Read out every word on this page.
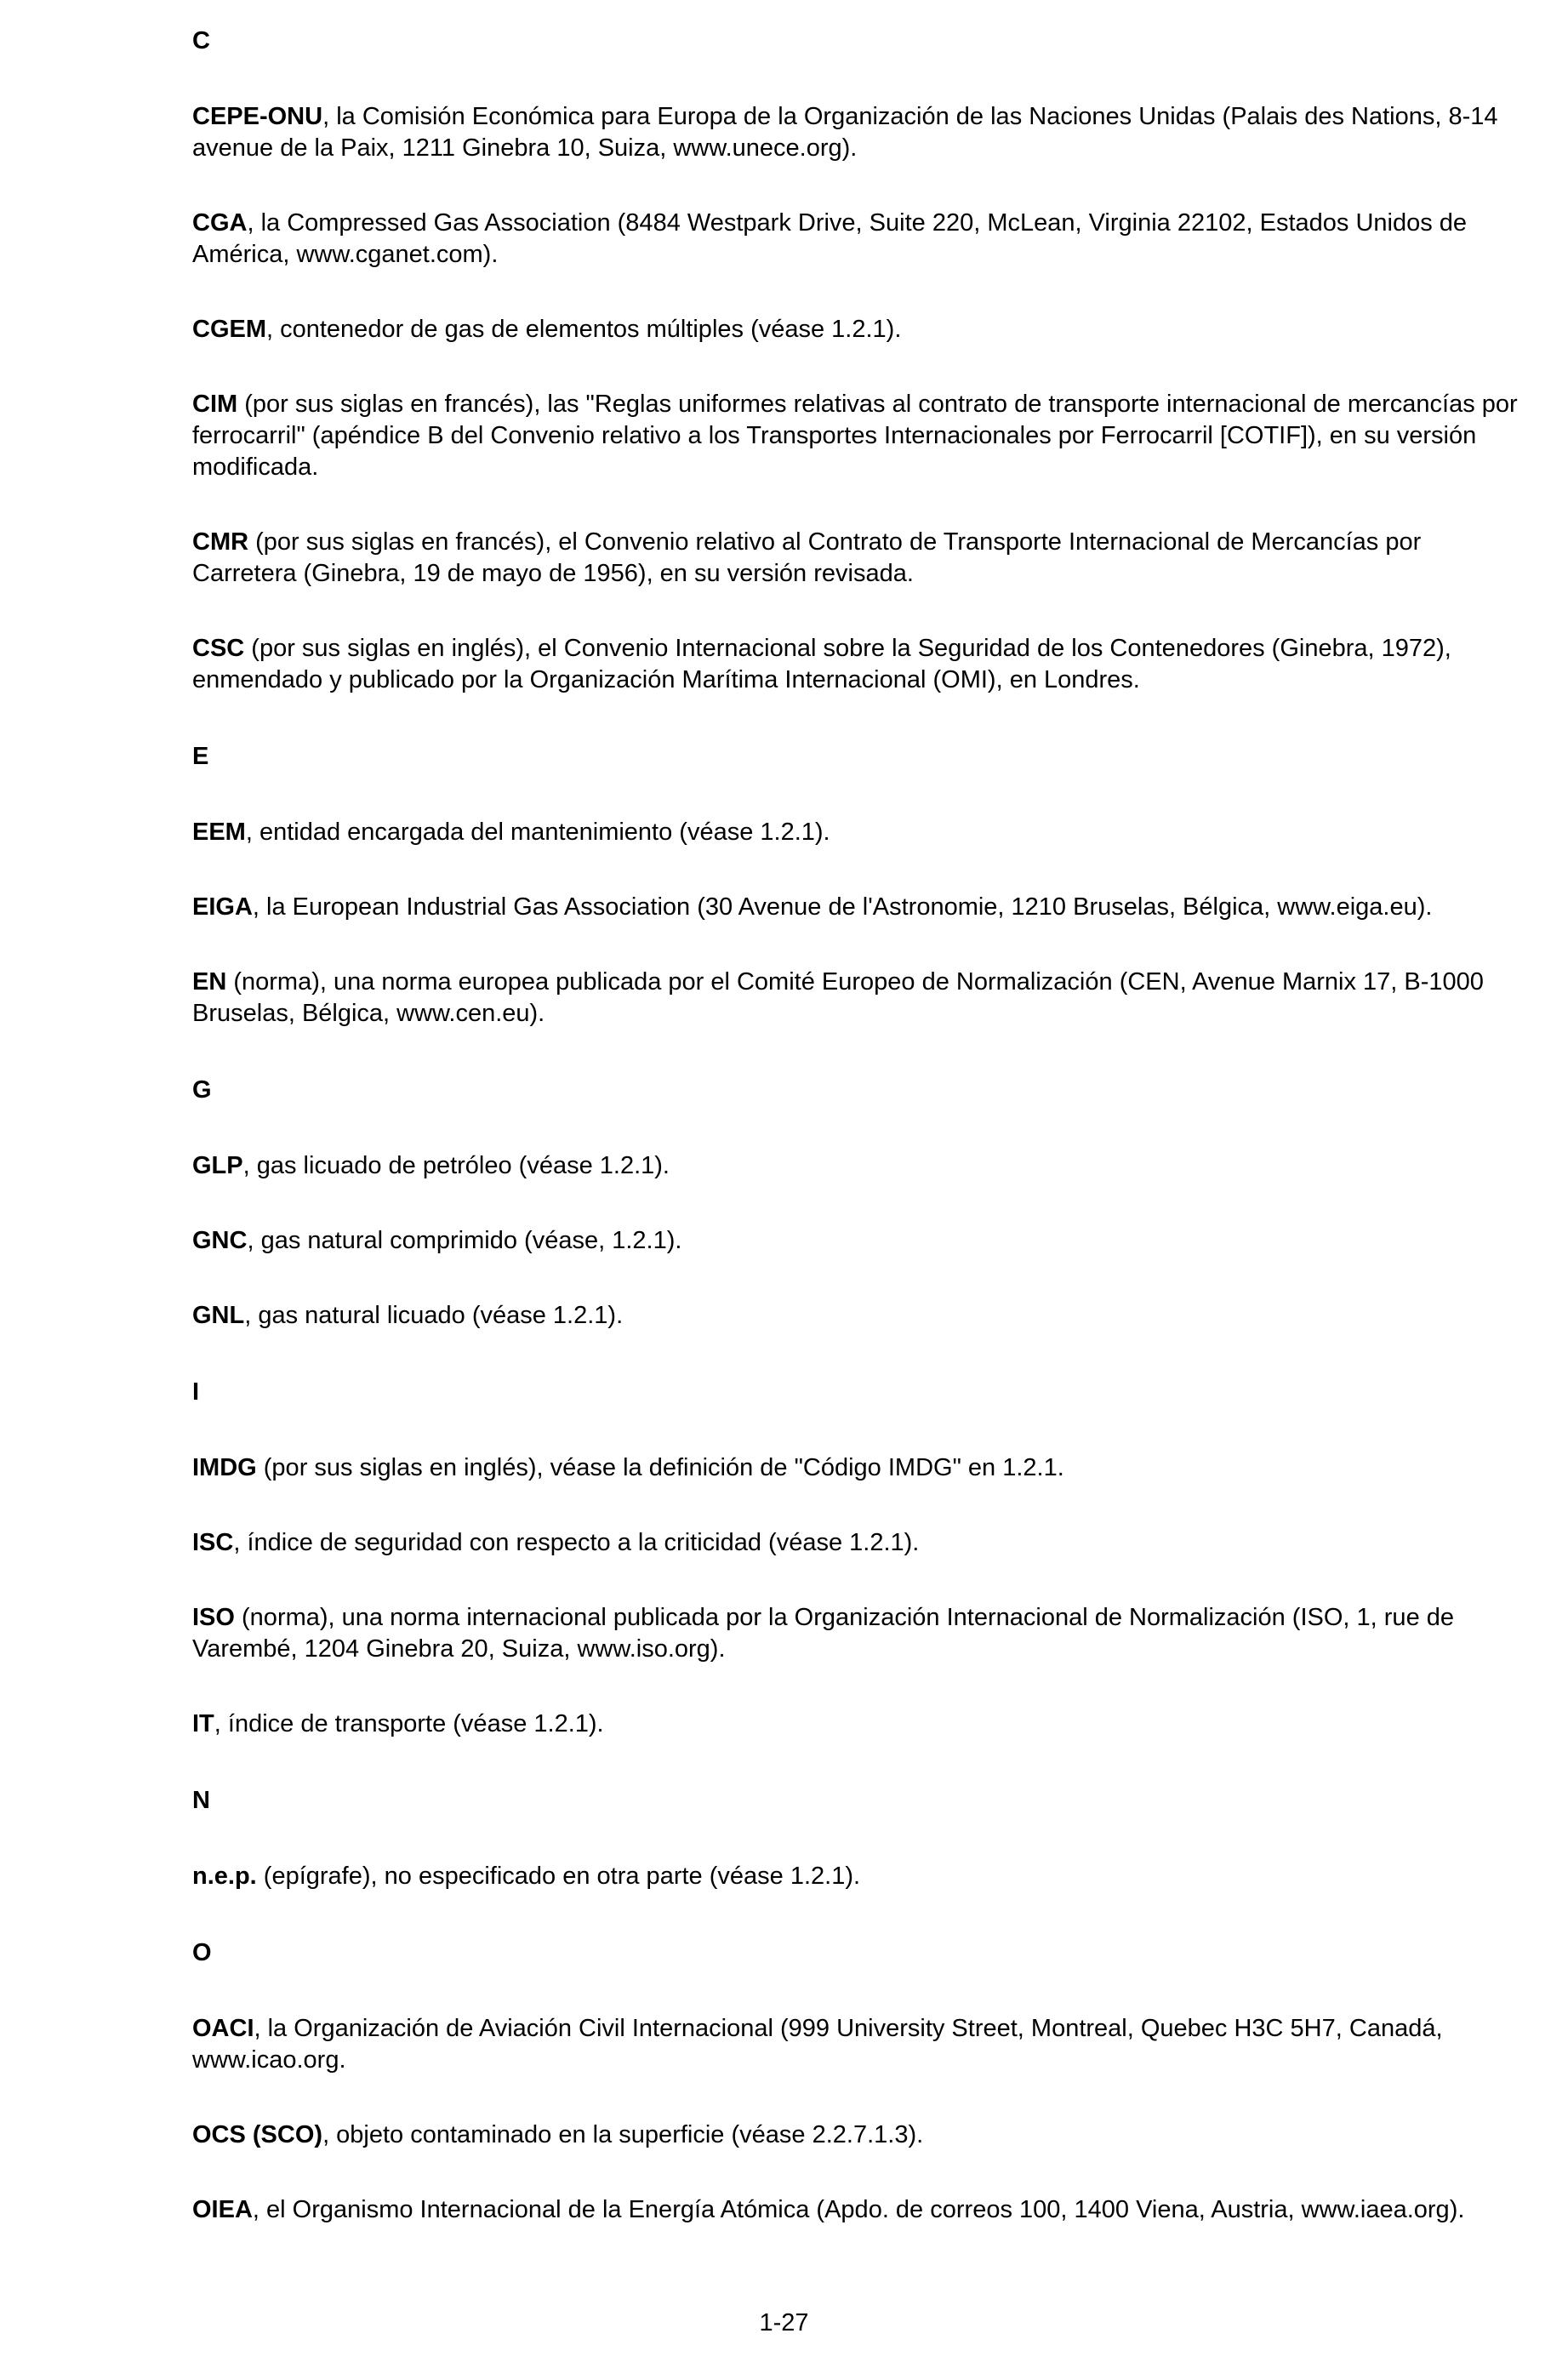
C

CEPE-ONU, la Comisión Económica para Europa de la Organización de las Naciones Unidas (Palais des Nations, 8-14 avenue de la Paix, 1211 Ginebra 10, Suiza, www.unece.org).

CGA, la Compressed Gas Association (8484 Westpark Drive, Suite 220, McLean, Virginia 22102, Estados Unidos de América, www.cganet.com).

CGEM, contenedor de gas de elementos múltiples (véase 1.2.1).

CIM (por sus siglas en francés), las "Reglas uniformes relativas al contrato de transporte internacional de mercancías por ferrocarril" (apéndice B del Convenio relativo a los Transportes Internacionales por Ferrocarril [COTIF]), en su versión modificada.

CMR (por sus siglas en francés), el Convenio relativo al Contrato de Transporte Internacional de Mercancías por Carretera (Ginebra, 19 de mayo de 1956), en su versión revisada.

CSC (por sus siglas en inglés), el Convenio Internacional sobre la Seguridad de los Contenedores (Ginebra, 1972), enmendado y publicado por la Organización Marítima Internacional (OMI), en Londres.

E

EEM, entidad encargada del mantenimiento (véase 1.2.1).

EIGA, la European Industrial Gas Association (30 Avenue de l'Astronomie, 1210 Bruselas, Bélgica, www.eiga.eu).

EN (norma), una norma europea publicada por el Comité Europeo de Normalización (CEN, Avenue Marnix 17, B-1000 Bruselas, Bélgica, www.cen.eu).

G

GLP, gas licuado de petróleo (véase 1.2.1).

GNC, gas natural comprimido (véase, 1.2.1).

GNL, gas natural licuado (véase 1.2.1).

I

IMDG (por sus siglas en inglés), véase la definición de "Código IMDG" en 1.2.1.

ISC, índice de seguridad con respecto a la criticidad (véase 1.2.1).

ISO (norma), una norma internacional publicada por la Organización Internacional de Normalización (ISO, 1, rue de Varembé, 1204 Ginebra 20, Suiza, www.iso.org).

IT, índice de transporte (véase 1.2.1).

N

n.e.p. (epígrafe), no especificado en otra parte (véase 1.2.1).

O

OACI, la Organización de Aviación Civil Internacional (999 University Street, Montreal, Quebec H3C 5H7, Canadá, www.icao.org.

OCS (SCO), objeto contaminado en la superficie (véase 2.2.7.1.3).

OIEA, el Organismo Internacional de la Energía Atómica (Apdo. de correos 100, 1400 Viena, Austria, www.iaea.org).

1-27
